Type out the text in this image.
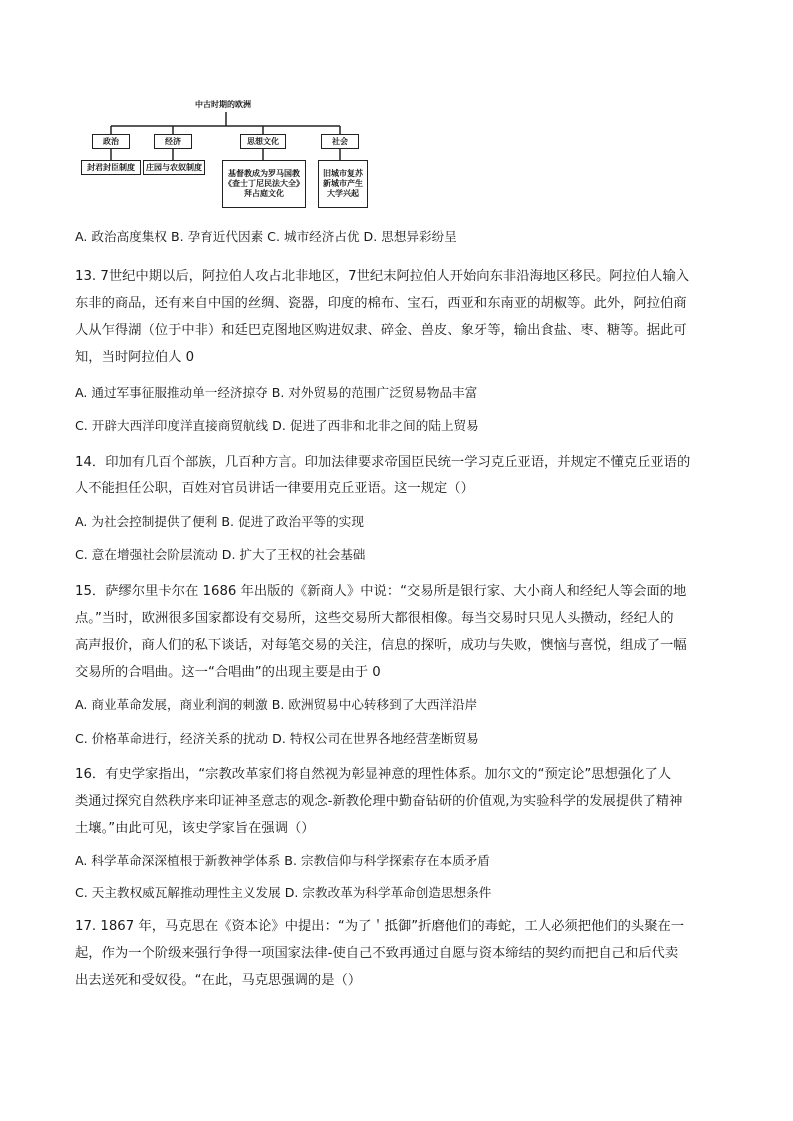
中古时期的欧洲
政治	经济	思想文化	社会
封君封臣制度	庄园与农奴制度
基督教成为罗马国教
《查士丁尼民法大全》
拜占庭文化
旧城市复苏
新城市产生
大学兴起
A. 政治高度集权 B. 孕育近代因素 C. 城市经济占优 D. 思想异彩纷呈
13. 7世纪中期以后，阿拉伯人攻占北非地区，7世纪末阿拉伯人开始向东非沿海地区移民。阿拉伯人输入
东非的商品，还有来自中国的丝绸、瓷器，印度的棉布、宝石，西亚和东南亚的胡椒等。此外，阿拉伯商
人从乍得湖（位于中非）和廷巴克图地区购进奴隶、碎金、兽皮、象牙等，输出食盐、枣、糖等。据此可
知，当时阿拉伯人 0
A. 通过军事征服推动单一经济掠夺 B. 对外贸易的范围广泛贸易物品丰富
C. 开辟大西洋印度洋直接商贸航线 D. 促进了西非和北非之间的陆上贸易
14．印加有几百个部族，几百种方言。印加法律要求帝国臣民统一学习克丘亚语，并规定不懂克丘亚语的
人不能担任公职，百姓对官员讲话一律要用克丘亚语。这一规定（）
A. 为社会控制提供了便利 B. 促进了政治平等的实现
C. 意在增强社会阶层流动 D. 扩大了王权的社会基础
15．萨缪尔里卡尔在 1686 年出版的《新商人》中说：“交易所是银行家、大小商人和经纪人等会面的地
点。”当时，欧洲很多国家都设有交易所，这些交易所大都很相像。每当交易时只见人头攒动，经纪人的
高声报价，商人们的私下谈话，对每笔交易的关注，信息的探听，成功与失败，懊恼与喜悦，组成了一幅
交易所的合唱曲。这一“合唱曲”的出现主要是由于 0
A. 商业革命发展，商业利润的刺激 B. 欧洲贸易中心转移到了大西洋沿岸
C. 价格革命进行，经济关系的扰动 D. 特权公司在世界各地经营垄断贸易
16．有史学家指出，“宗教改革家们将自然视为彰显神意的理性体系。加尔文的“预定论”思想强化了人
类通过探究自然秩序来印证神圣意志的观念-新教伦理中勤奋钻研的价值观,为实验科学的发展提供了精神
土壤。”由此可见，该史学家旨在强调（）
A. 科学革命深深植根于新教神学体系 B. 宗教信仰与科学探索存在本质矛盾
C. 天主教权威瓦解推动理性主义发展 D. 宗教改革为科学革命创造思想条件
17. 1867 年，马克思在《资本论》中提出：“为了＇抵御”折磨他们的毒蛇，工人必须把他们的头聚在一
起，作为一个阶级来强行争得一项国家法律-使自己不致再通过自愿与资本缔结的契约而把自己和后代卖
出去送死和受奴役。“在此，马克思强调的是（）
